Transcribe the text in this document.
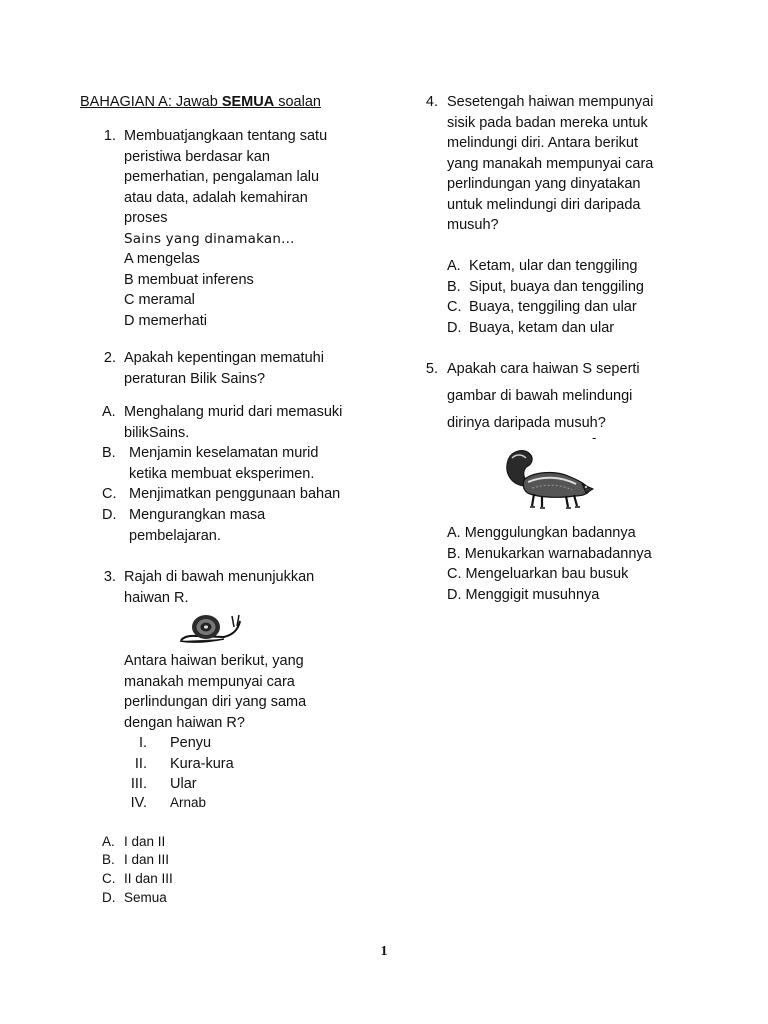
BAHAGIAN A: Jawab SEMUA soalan
1. Membuatjangkaan tentang satu
peristiwa berdasar kan
pemerhatian, pengalaman lalu
atau data, adalah kemahiran
proses
Sains yang dinamakan...
A mengelas
B membuat inferens
C meramal
D memerhati
2. Apakah kepentingan mematuhi
peraturan Bilik Sains?
A. Menghalang murid dari memasuki
bilikSains.
B. Menjamin keselamatan murid
ketika membuat eksperimen.
C. Menjimatkan penggunaan bahan
D. Mengurangkan masa
pembelajaran.
3. Rajah di bawah menunjukkan
haiwan R.
Antara haiwan berikut, yang
manakah mempunyai cara
perlindungan diri yang sama
dengan haiwan R?
I. Penyu
II. Kura-kura
III. Ular
IV. Arnab
A. I dan II
B. I dan III
C. II dan III
D. Semua
4. Sesetengah haiwan mempunyai
sisik pada badan mereka untuk
melindungi diri. Antara berikut
yang manakah mempunyai cara
perlindungan yang dinyatakan
untuk melindungi diri daripada
musuh?
A. Ketam, ular dan tenggiling
B. Siput, buaya dan tenggiling
C. Buaya, tenggiling dan ular
D. Buaya, ketam dan ular
5. Apakah cara haiwan S seperti
gambar di bawah melindungi
dirinya daripada musuh?
-
A. Menggulungkan badannya
B. Menukarkan warnabadannya
C. Mengeluarkan bau busuk
D. Menggigit musuhnya
1
